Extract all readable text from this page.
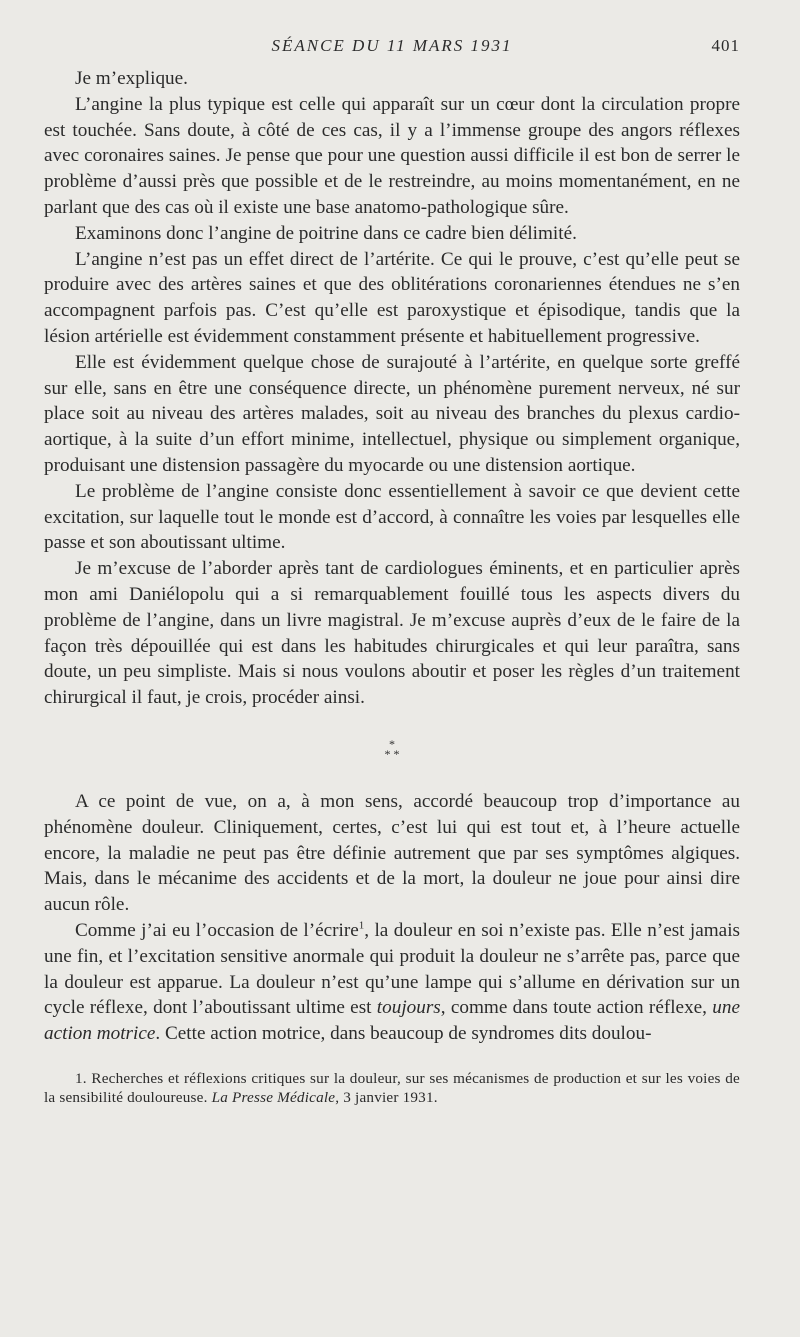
SÉANCE DU 11 MARS 1931	401

Je m’explique.

L’angine la plus typique est celle qui apparaît sur un cœur dont la circulation propre est touchée. Sans doute, à côté de ces cas, il y a l’immense groupe des angors réflexes avec coronaires saines. Je pense que pour une question aussi difficile il est bon de serrer le problème d’aussi près que possible et de le restreindre, au moins momentanément, en ne parlant que des cas où il existe une base anatomo-pathologique sûre.

Examinons donc l’angine de poitrine dans ce cadre bien délimité.

L’angine n’est pas un effet direct de l’artérite. Ce qui le prouve, c’est qu’elle peut se produire avec des artères saines et que des oblitérations coronariennes étendues ne s’en accompagnent parfois pas. C’est qu’elle est paroxystique et épisodique, tandis que la lésion artérielle est évidemment constamment présente et habituellement progressive.

Elle est évidemment quelque chose de surajouté à l’artérite, en quelque sorte greffé sur elle, sans en être une conséquence directe, un phénomène purement nerveux, né sur place soit au niveau des artères malades, soit au niveau des branches du plexus cardio-aortique, à la suite d’un effort minime, intellectuel, physique ou simplement organique, produisant une distension passagère du myocarde ou une distension aortique.

Le problème de l’angine consiste donc essentiellement à savoir ce que devient cette excitation, sur laquelle tout le monde est d’accord, à connaître les voies par lesquelles elle passe et son aboutissant ultime.

Je m’excuse de l’aborder après tant de cardiologues éminents, et en particulier après mon ami Daniélopolu qui a si remarquablement fouillé tous les aspects divers du problème de l’angine, dans un livre magistral. Je m’excuse auprès d’eux de le faire de la façon très dépouillée qui est dans les habitudes chirurgicales et qui leur paraîtra, sans doute, un peu simpliste. Mais si nous voulons aboutir et poser les règles d’un traitement chirurgical il faut, je crois, procéder ainsi.

*
* *

A ce point de vue, on a, à mon sens, accordé beaucoup trop d’importance au phénomène douleur. Cliniquement, certes, c’est lui qui est tout et, à l’heure actuelle encore, la maladie ne peut pas être définie autrement que par ses symptômes algiques. Mais, dans le mécanime des accidents et de la mort, la douleur ne joue pour ainsi dire aucun rôle.

Comme j’ai eu l’occasion de l’écrire$^1$, la douleur en soi n’existe pas. Elle n’est jamais une fin, et l’excitation sensitive anormale qui produit la douleur ne s’arrête pas, parce que la douleur est apparue. La douleur n’est qu’une lampe qui s’allume en dérivation sur un cycle réflexe, dont l’aboutissant ultime est toujours, comme dans toute action réflexe, une action motrice. Cette action motrice, dans beaucoup de syndromes dits doulou-

1. Recherches et réflexions critiques sur la douleur, sur ses mécanismes de production et sur les voies de la sensibilité douloureuse. La Presse Médicale, 3 janvier 1931.
